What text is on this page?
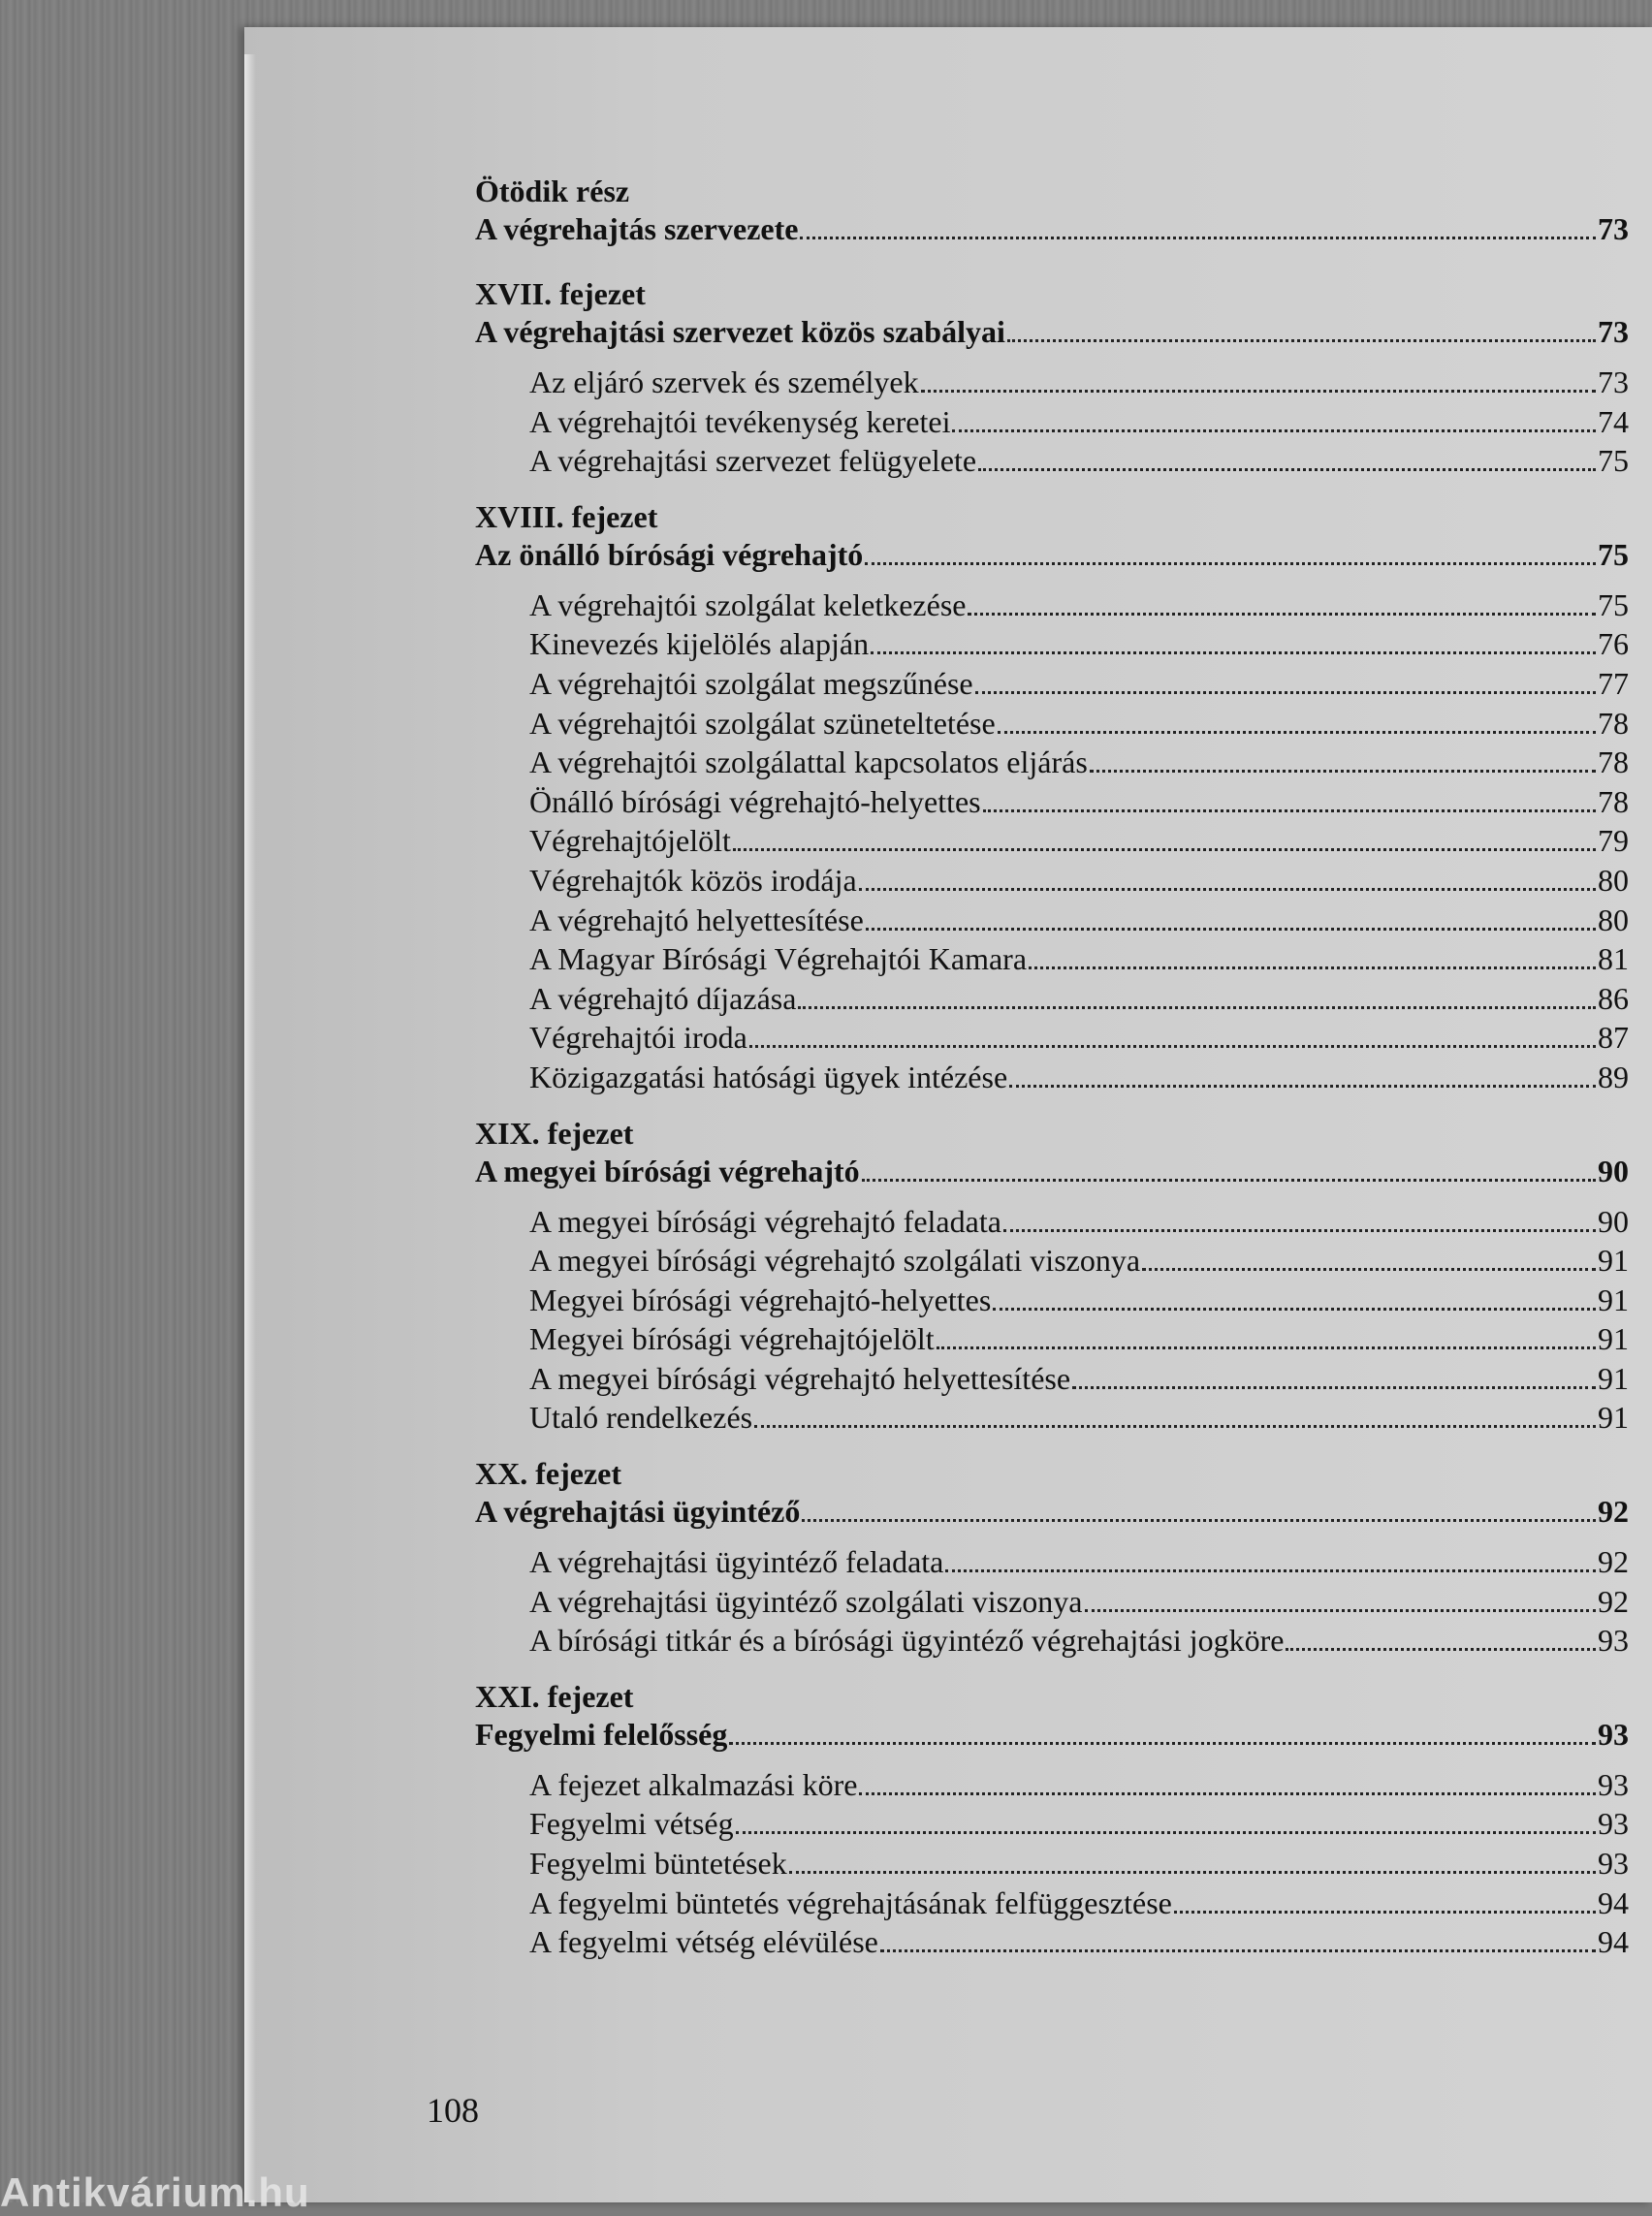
Ötödik rész
A végrehajtás szervezete	73
XVII. fejezet
A végrehajtási szervezet közös szabályai	73
Az eljáró szervek és személyek	73
A végrehajtói tevékenység keretei	74
A végrehajtási szervezet felügyelete	75
XVIII. fejezet
Az önálló bírósági végrehajtó	75
A végrehajtói szolgálat keletkezése	75
Kinevezés kijelölés alapján	76
A végrehajtói szolgálat megszűnése	77
A végrehajtói szolgálat szüneteltetése	78
A végrehajtói szolgálattal kapcsolatos eljárás	78
Önálló bírósági végrehajtó-helyettes	78
Végrehajtójelölt	79
Végrehajtók közös irodája	80
A végrehajtó helyettesítése	80
A Magyar Bírósági Végrehajtói Kamara	81
A végrehajtó díjazása	86
Végrehajtói iroda	87
Közigazgatási hatósági ügyek intézése	89
XIX. fejezet
A megyei bírósági végrehajtó	90
A megyei bírósági végrehajtó feladata	90
A megyei bírósági végrehajtó szolgálati viszonya	91
Megyei bírósági végrehajtó-helyettes	91
Megyei bírósági végrehajtójelölt	91
A megyei bírósági végrehajtó helyettesítése	91
Utaló rendelkezés	91
XX. fejezet
A végrehajtási ügyintéző	92
A végrehajtási ügyintéző feladata	92
A végrehajtási ügyintéző szolgálati viszonya	92
A bírósági titkár és a bírósági ügyintéző végrehajtási jogköre	93
XXI. fejezet
Fegyelmi felelősség	93
A fejezet alkalmazási köre	93
Fegyelmi vétség	93
Fegyelmi büntetések	93
A fegyelmi büntetés végrehajtásának felfüggesztése	94
A fegyelmi vétség elévülése	94
108
Antikvárium.hu
